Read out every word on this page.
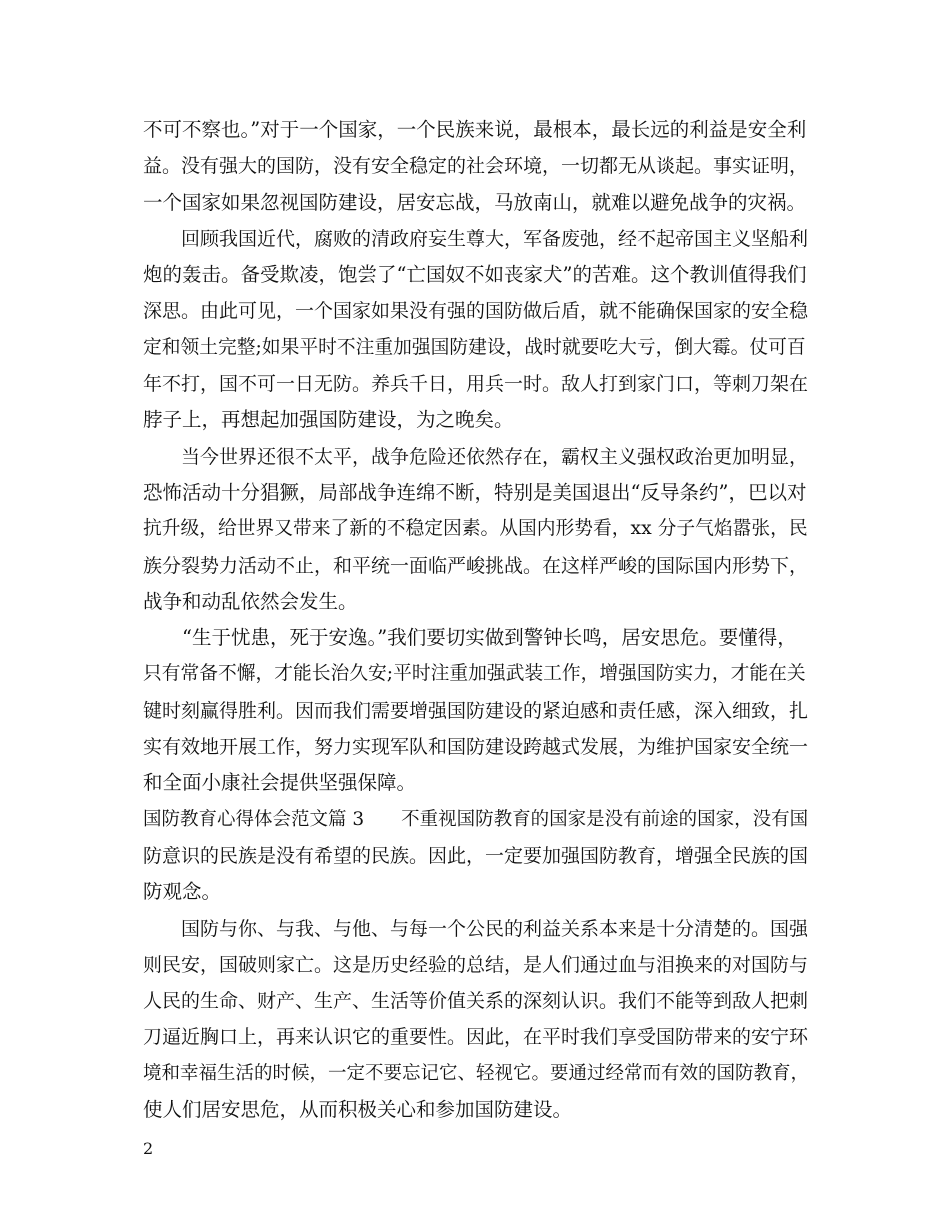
不可不察也。”对于一个国家，一个民族来说，最根本，最长远的利益是安全利
益。没有强大的国防，没有安全稳定的社会环境，一切都无从谈起。事实证明，
一个国家如果忽视国防建设，居安忘战，马放南山，就难以避免战争的灾祸。
　　回顾我国近代，腐败的清政府妄生尊大，军备废弛，经不起帝国主义坚船利
炮的轰击。备受欺凌，饱尝了“亡国奴不如丧家犬”的苦难。这个教训值得我们
深思。由此可见，一个国家如果没有强的国防做后盾，就不能确保国家的安全稳
定和领土完整;如果平时不注重加强国防建设，战时就要吃大亏，倒大霉。仗可百
年不打，国不可一日无防。养兵千日，用兵一时。敌人打到家门口，等刺刀架在
脖子上，再想起加强国防建设，为之晚矣。
　　当今世界还很不太平，战争危险还依然存在，霸权主义强权政治更加明显，
恐怖活动十分猖獗，局部战争连绵不断，特别是美国退出“反导条约”，巴以对
抗升级，给世界又带来了新的不稳定因素。从国内形势看，xx 分子气焰嚣张，民
族分裂势力活动不止，和平统一面临严峻挑战。在这样严峻的国际国内形势下，
战争和动乱依然会发生。
　　“生于忧患，死于安逸。”我们要切实做到警钟长鸣，居安思危。要懂得，
只有常备不懈，才能长治久安;平时注重加强武装工作，增强国防实力，才能在关
键时刻赢得胜利。因而我们需要增强国防建设的紧迫感和责任感，深入细致，扎
实有效地开展工作，努力实现军队和国防建设跨越式发展，为维护国家安全统一
和全面小康社会提供坚强保障。
国防教育心得体会范文篇 3　　不重视国防教育的国家是没有前途的国家，没有国
防意识的民族是没有希望的民族。因此，一定要加强国防教育，增强全民族的国
防观念。
　　国防与你、与我、与他、与每一个公民的利益关系本来是十分清楚的。国强
则民安，国破则家亡。这是历史经验的总结，是人们通过血与泪换来的对国防与
人民的生命、财产、生产、生活等价值关系的深刻认识。我们不能等到敌人把刺
刀逼近胸口上，再来认识它的重要性。因此，在平时我们享受国防带来的安宁环
境和幸福生活的时候，一定不要忘记它、轻视它。要通过经常而有效的国防教育，
使人们居安思危，从而积极关心和参加国防建设。
2
